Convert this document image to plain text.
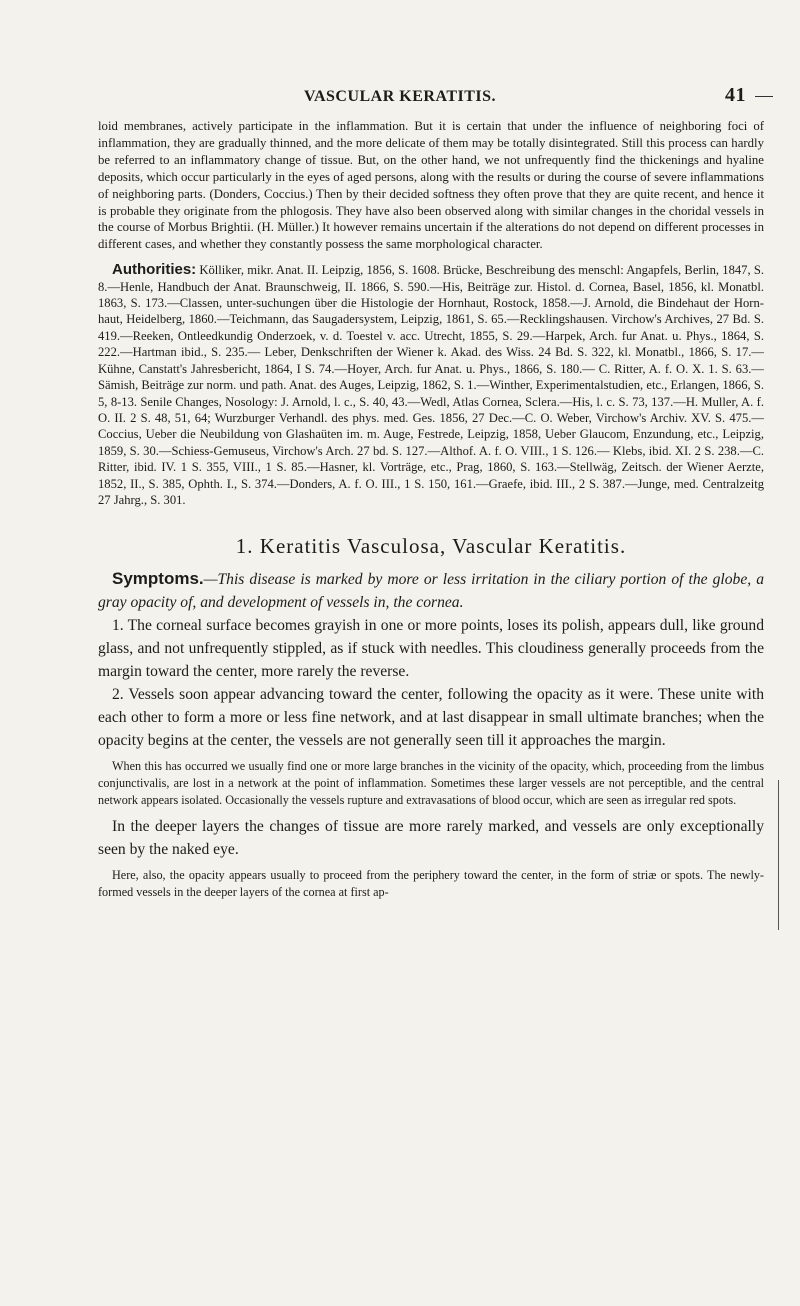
VASCULAR KERATITIS.	41

loid membranes, actively participate in the inflammation. But it is certain that under the influence of neighboring foci of inflammation, they are gradually thinned, and the more delicate of them may be totally disintegrated. Still this process can hardly be referred to an inflammatory change of tissue. But, on the other hand, we not unfrequently find the thickenings and hyaline deposits, which occur particularly in the eyes of aged persons, along with the results or during the course of severe inflammations of neighboring parts. (Donders, Coccius.) Then by their decided softness they often prove that they are quite recent, and hence it is probable they originate from the phlogosis. They have also been observed along with similar changes in the choridal vessels in the course of Morbus Brightii. (H. Müller.) It however remains uncertain if the alterations do not depend on different processes in different cases, and whether they constantly possess the same morphological character.

Authorities: Kölliker, mikr. Anat. II. Leipzig, 1856, S. 1608. Brücke, Beschreibung des menschl: Angapfels, Berlin, 1847, S. 8.—Henle, Handbuch der Anat. Braunschweig, II. 1866, S. 590.—His, Beiträge zur. Histol. d. Cornea, Basel, 1856, kl. Monatbl. 1863, S. 173.—Classen, unter-suchungen über die Histologie der Hornhaut, Rostock, 1858.—J. Arnold, die Bindehaut der Horn-haut, Heidelberg, 1860.—Teichmann, das Saugadersystem, Leipzig, 1861, S. 65.—Recklingshausen. Virchow's Archives, 27 Bd. S. 419.—Reeken, Ontleedkundig Onderzoek, v. d. Toestel v. acc. Utrecht, 1855, S. 29.—Harpek, Arch. fur Anat. u. Phys., 1864, S. 222.—Hartman ibid., S. 235.— Leber, Denkschriften der Wiener k. Akad. des Wiss. 24 Bd. S. 322, kl. Monatbl., 1866, S. 17.— Kühne, Canstatt's Jahresbericht, 1864, I S. 74.—Hoyer, Arch. fur Anat. u. Phys., 1866, S. 180.— C. Ritter, A. f. O. X. 1. S. 63.—Sämish, Beiträge zur norm. und path. Anat. des Auges, Leipzig, 1862, S. 1.—Winther, Experimentalstudien, etc., Erlangen, 1866, S. 5, 8-13. Senile Changes, Nosology: J. Arnold, l. c., S. 40, 43.—Wedl, Atlas Cornea, Sclera.—His, l. c. S. 73, 137.—H. Muller, A. f. O. II. 2 S. 48, 51, 64; Wurzburger Verhandl. des phys. med. Ges. 1856, 27 Dec.—C. O. Weber, Virchow's Archiv. XV. S. 475.—Coccius, Ueber die Neubildung von Glashaüten im. m. Auge, Festrede, Leipzig, 1858, Ueber Glaucom, Enzundung, etc., Leipzig, 1859, S. 30.—Schiess-Gemuseus, Virchow's Arch. 27 bd. S. 127.—Althof. A. f. O. VIII., 1 S. 126.— Klebs, ibid. XI. 2 S. 238.—C. Ritter, ibid. IV. 1 S. 355, VIII., 1 S. 85.—Hasner, kl. Vorträge, etc., Prag, 1860, S. 163.—Stellwäg, Zeitsch. der Wiener Aerzte, 1852, II., S. 385, Ophth. I., S. 374.—Donders, A. f. O. III., 1 S. 150, 161.—Graefe, ibid. III., 2 S. 387.—Junge, med. Centralzeitg 27 Jahrg., S. 301.
1. Keratitis Vasculosa, Vascular Keratitis.

Symptoms.—This disease is marked by more or less irritation in the ciliary portion of the globe, a gray opacity of, and development of vessels in, the cornea.

1. The corneal surface becomes grayish in one or more points, loses its polish, appears dull, like ground glass, and not unfrequently stippled, as if stuck with needles. This cloudiness generally proceeds from the margin toward the center, more rarely the reverse.

2. Vessels soon appear advancing toward the center, following the opacity as it were. These unite with each other to form a more or less fine network, and at last disappear in small ultimate branches; when the opacity begins at the center, the vessels are not generally seen till it approaches the margin.

When this has occurred we usually find one or more large branches in the vicinity of the opacity, which, proceeding from the limbus conjunctivalis, are lost in a network at the point of inflammation. Sometimes these larger vessels are not perceptible, and the central network appears isolated. Occasionally the vessels rupture and extravasations of blood occur, which are seen as irregular red spots.

In the deeper layers the changes of tissue are more rarely marked, and vessels are only exceptionally seen by the naked eye.

Here, also, the opacity appears usually to proceed from the periphery toward the center, in the form of striæ or spots. The newly-formed vessels in the deeper layers of the cornea at first ap-
